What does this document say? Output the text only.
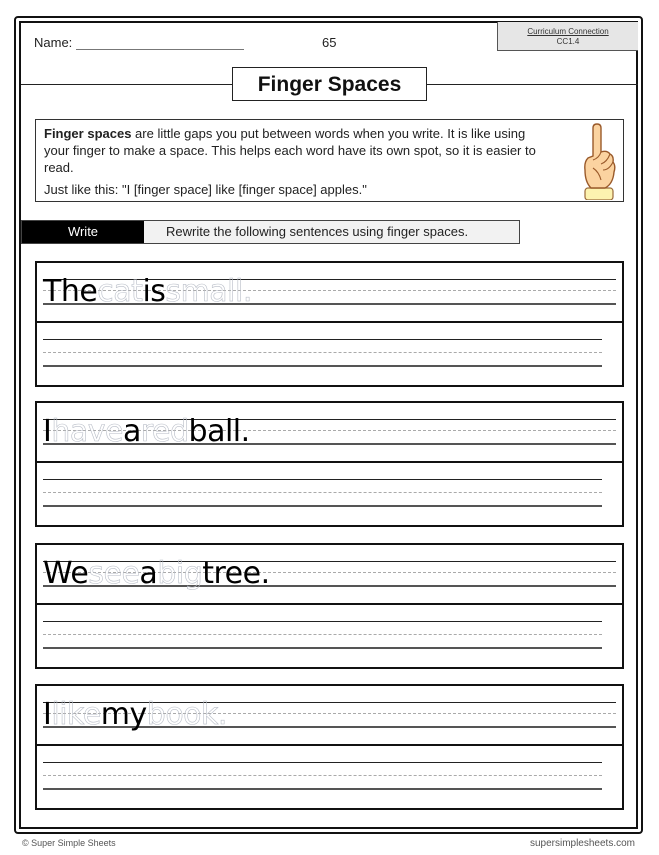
Name:	65
Curriculum Connection
CC1.4
Finger Spaces

Finger spaces are little gaps you put between words when you write. It is like using your finger to make a space. This helps each word have its own spot, so it is easier to read.

Just like this: "I [finger space] like [finger space] apples."

Write	Rewrite the following sentences using finger spaces.
Thecatissmall.
Ihavearedball.
Weseeabigtree.
Ilikemybook.
© Super Simple Sheets	supersimplesheets.com
